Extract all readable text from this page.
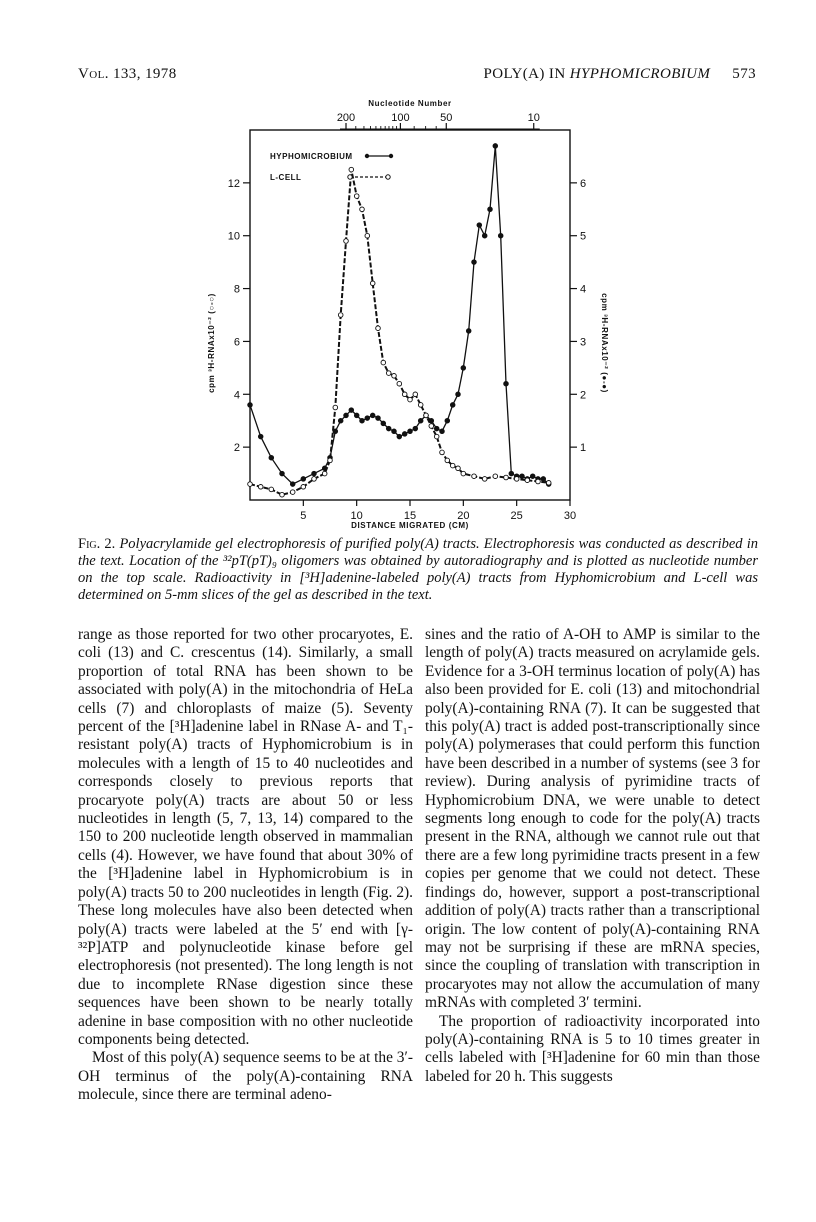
Vol. 133, 1978	POLY(A) IN HYPHOMICROBIUM 573
Nucleotide Number
200	100	50	10
5	10	15	20	25	30
2
4
6
8
10
12
1
2
3
4
5
6
HYPHOMICROBIUM
L-CELL
cpm ³H-RNAx10⁻² (○-○)	cpm ³H-RNAx10⁻² (●-●)
DISTANCE MIGRATED (CM)
Fig. 2. Polyacrylamide gel electrophoresis of purified poly(A) tracts. Electrophoresis was conducted as described in the text. Location of the ³²pT(pT)₉ oligomers was obtained by autoradiography and is plotted as nucleotide number on the top scale. Radioactivity in [³H]adenine-labeled poly(A) tracts from Hyphomicrobium and L-cell was determined on 5-mm slices of the gel as described in the text.

range as those reported for two other procaryotes, E. coli (13) and C. crescentus (14). Similarly, a small proportion of total RNA has been shown to be associated with poly(A) in the mitochondria of HeLa cells (7) and chloroplasts of maize (5). Seventy percent of the [³H]adenine label in RNase A- and T₁-resistant poly(A) tracts of Hyphomicrobium is in molecules with a length of 15 to 40 nucleotides and corresponds closely to previous reports that procaryote poly(A) tracts are about 50 or less nucleotides in length (5, 7, 13, 14) compared to the 150 to 200 nucleotide length observed in mammalian cells (4). However, we have found that about 30% of the [³H]adenine label in Hyphomicrobium is in poly(A) tracts 50 to 200 nucleotides in length (Fig. 2). These long molecules have also been detected when poly(A) tracts were labeled at the 5′ end with [γ-³²P]ATP and polynucleotide kinase before gel electrophoresis (not presented). The long length is not due to incomplete RNase digestion since these sequences have been shown to be nearly totally adenine in base composition with no other nucleotide components being detected.

Most of this poly(A) sequence seems to be at the 3′-OH terminus of the poly(A)-containing RNA molecule, since there are terminal adeno-

sines and the ratio of A-OH to AMP is similar to the length of poly(A) tracts measured on acrylamide gels. Evidence for a 3-OH terminus location of poly(A) has also been provided for E. coli (13) and mitochondrial poly(A)-containing RNA (7). It can be suggested that this poly(A) tract is added post-transcriptionally since poly(A) polymerases that could perform this function have been described in a number of systems (see 3 for review). During analysis of pyrimidine tracts of Hyphomicrobium DNA, we were unable to detect segments long enough to code for the poly(A) tracts present in the RNA, although we cannot rule out that there are a few long pyrimidine tracts present in a few copies per genome that we could not detect. These findings do, however, support a post-transcriptional addition of poly(A) tracts rather than a transcriptional origin. The low content of poly(A)-containing RNA may not be surprising if these are mRNA species, since the coupling of translation with transcription in procaryotes may not allow the accumulation of many mRNAs with completed 3′ termini.

The proportion of radioactivity incorporated into poly(A)-containing RNA is 5 to 10 times greater in cells labeled with [³H]adenine for 60 min than those labeled for 20 h. This suggests
